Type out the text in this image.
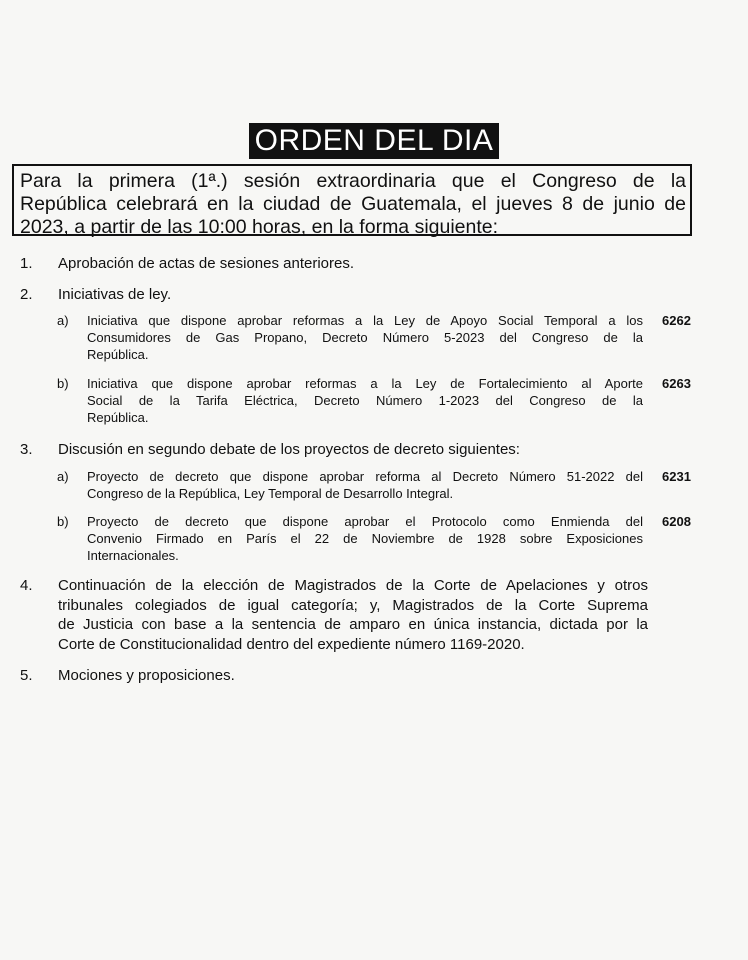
ORDEN DEL DIA
Para la primera (1ª.) sesión extraordinaria que el Congreso de la
República celebrará en la ciudad de Guatemala, el jueves 8 de junio de
2023, a partir de las 10:00 horas, en la forma siguiente:
1. Aprobación de actas de sesiones anteriores.
2. Iniciativas de ley.
a) Iniciativa que dispone aprobar reformas a la Ley de Apoyo Social Temporal a los
Consumidores de Gas Propano, Decreto Número 5-2023 del Congreso de la
República.
6262
b) Iniciativa que dispone aprobar reformas a la Ley de Fortalecimiento al Aporte
Social de la Tarifa Eléctrica, Decreto Número 1-2023 del Congreso de la
República.
6263
3. Discusión en segundo debate de los proyectos de decreto siguientes:
a) Proyecto de decreto que dispone aprobar reforma al Decreto Número 51-2022 del
Congreso de la República, Ley Temporal de Desarrollo Integral.
6231
b) Proyecto de decreto que dispone aprobar el Protocolo como Enmienda del
Convenio Firmado en París el 22 de Noviembre de 1928 sobre Exposiciones
Internacionales.
6208
4. Continuación de la elección de Magistrados de la Corte de Apelaciones y otros
tribunales colegiados de igual categoría; y, Magistrados de la Corte Suprema
de Justicia con base a la sentencia de amparo en única instancia, dictada por la
Corte de Constitucionalidad dentro del expediente número 1169-2020.
5. Mociones y proposiciones.
